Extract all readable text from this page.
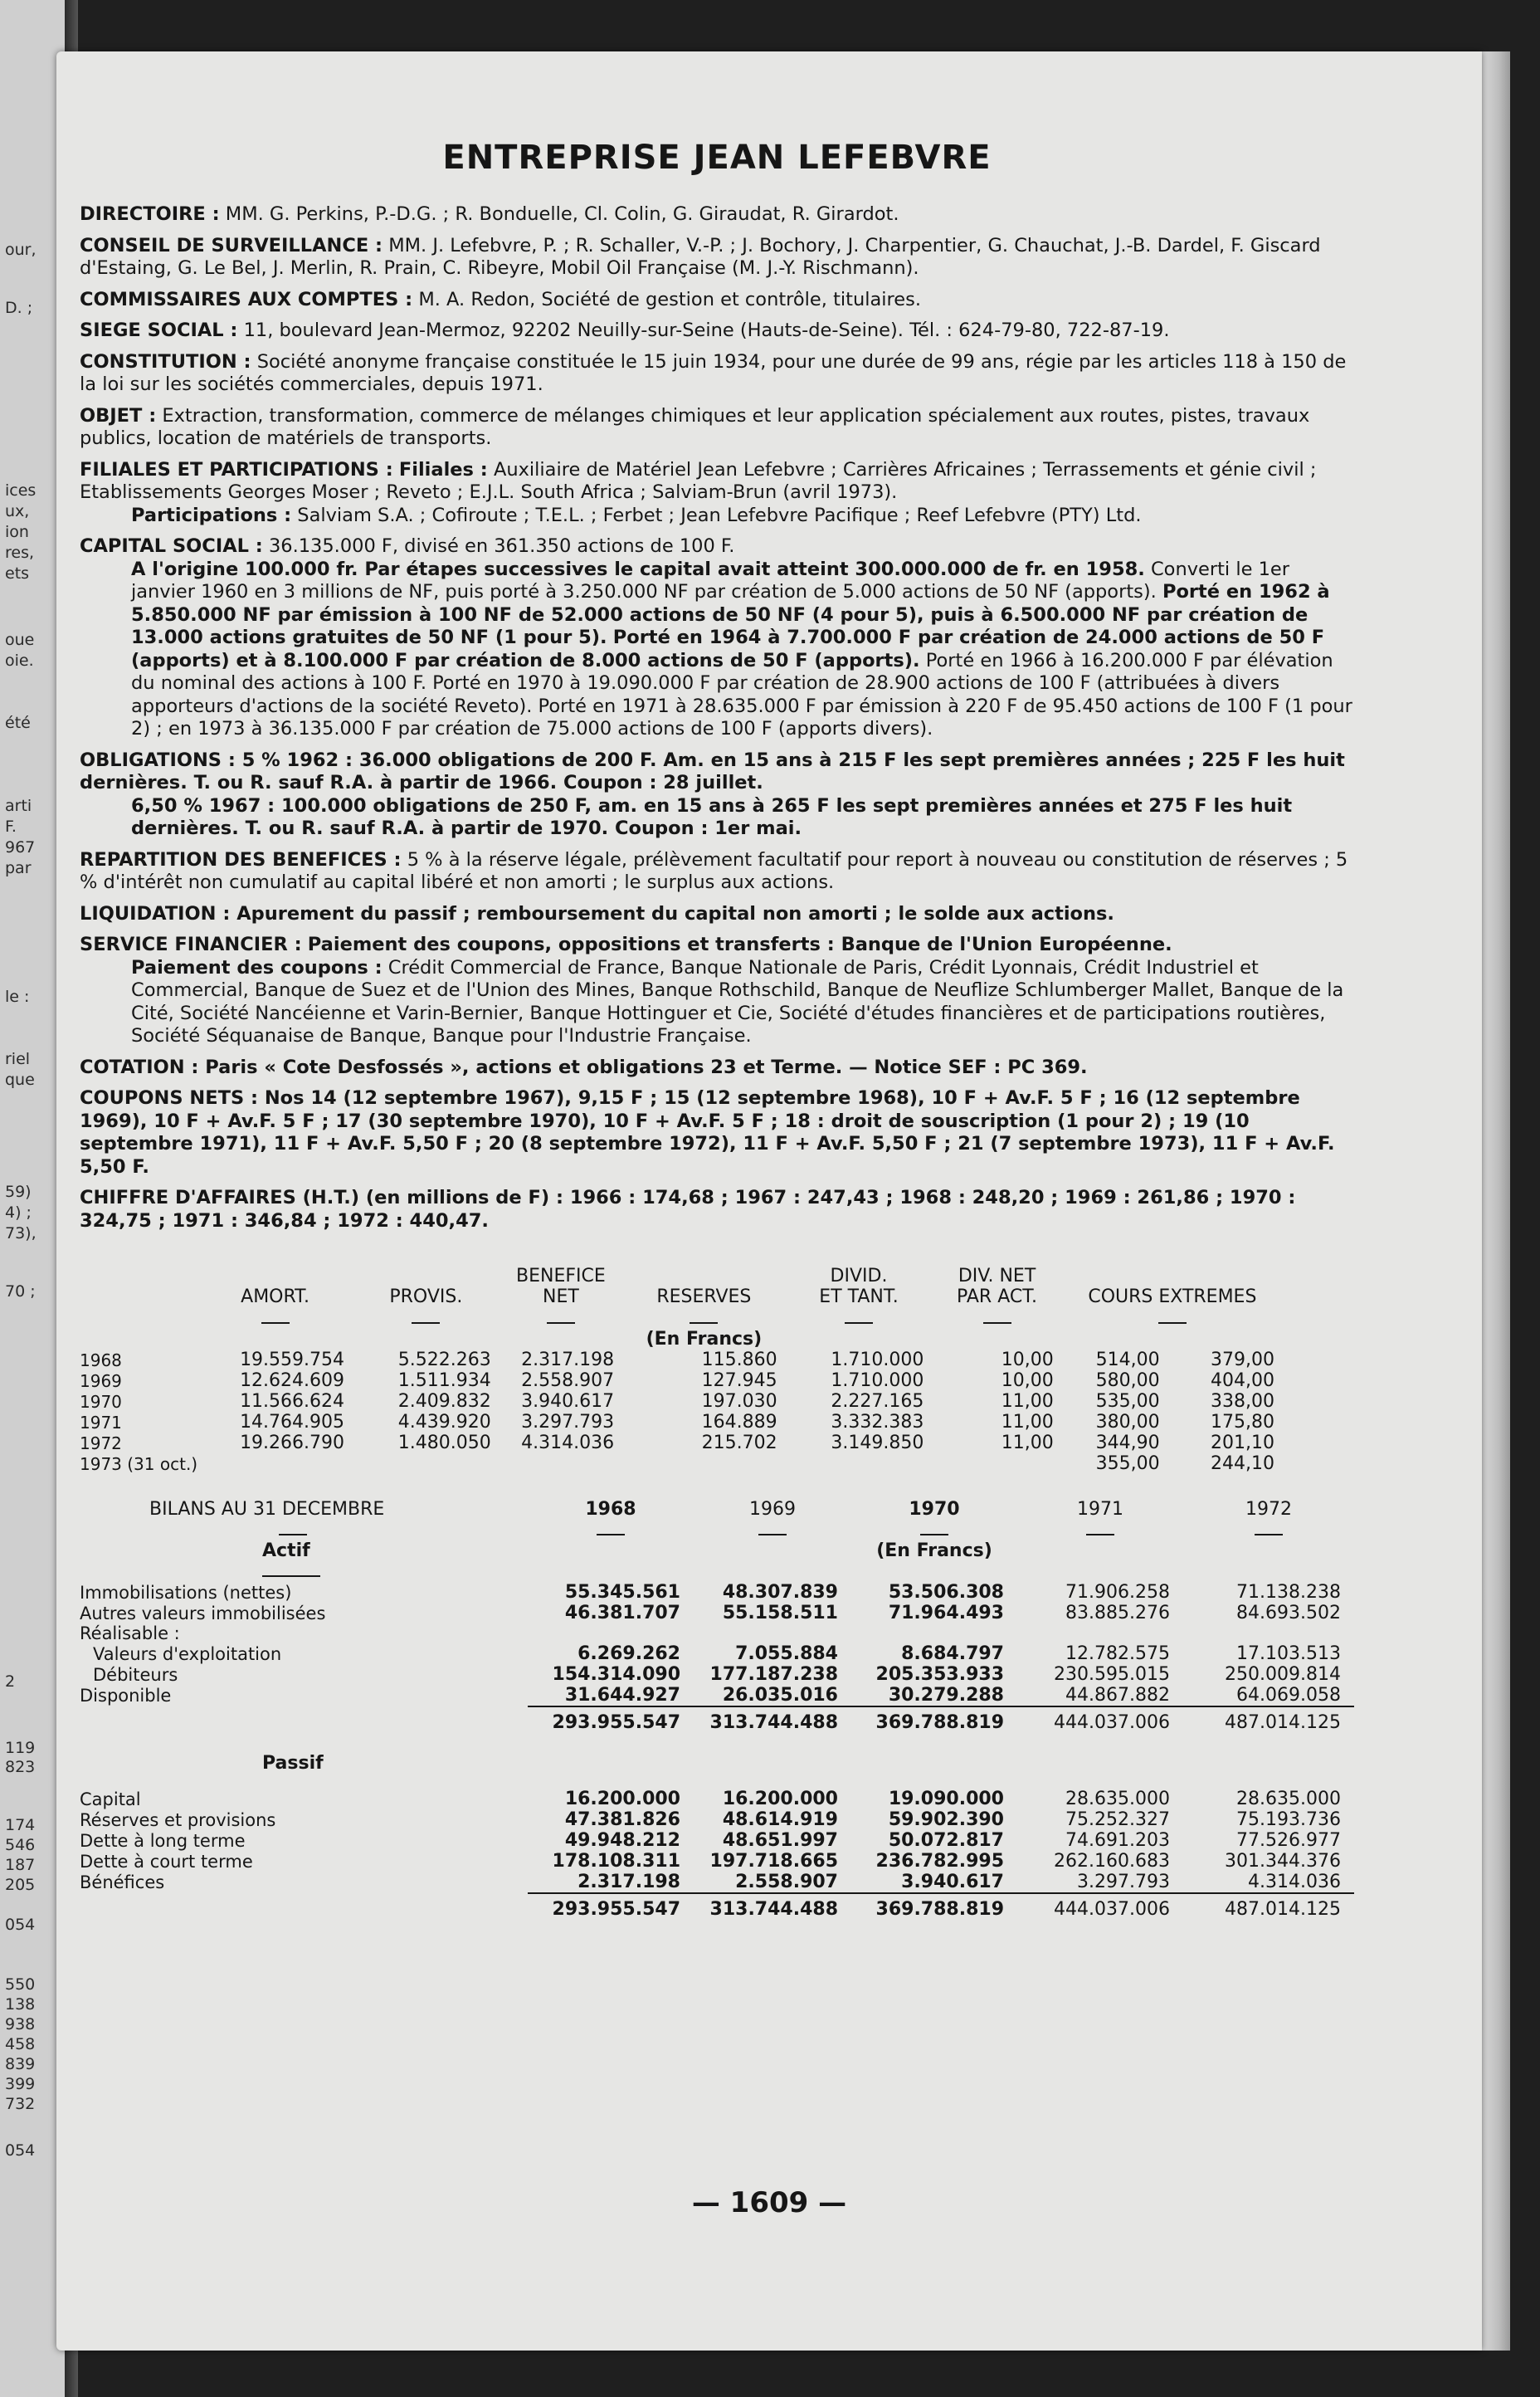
our,
D. ;
ices
ux,
ion
res,
ets
oue
oie.
été
arti
F.
967
par
le :
riel
que
59)
4) ;
73),
70 ;
2
119
823
174
546
187
205
054
550
138
938
458
839
399
732
054
ENTREPRISE JEAN LEFEBVRE

DIRECTOIRE : MM. G. Perkins, P.-D.G. ; R. Bonduelle, Cl. Colin, G. Giraudat, R. Girardot.

CONSEIL DE SURVEILLANCE : MM. J. Lefebvre, P. ; R. Schaller, V.-P. ; J. Bochory, J. Charpentier, G. Chauchat, J.-B. Dardel, F. Giscard d'Estaing, G. Le Bel, J. Merlin, R. Prain, C. Ribeyre, Mobil Oil Française (M. J.-Y. Rischmann).

COMMISSAIRES AUX COMPTES : M. A. Redon, Société de gestion et contrôle, titulaires.

SIEGE SOCIAL : 11, boulevard Jean-Mermoz, 92202 Neuilly-sur-Seine (Hauts-de-Seine). Tél. : 624-79-80, 722-87-19.

CONSTITUTION : Société anonyme française constituée le 15 juin 1934, pour une durée de 99 ans, régie par les articles 118 à 150 de la loi sur les sociétés commerciales, depuis 1971.

OBJET : Extraction, transformation, commerce de mélanges chimiques et leur application spécialement aux routes, pistes, travaux publics, location de matériels de transports.

FILIALES ET PARTICIPATIONS : Filiales : Auxiliaire de Matériel Jean Lefebvre ; Carrières Africaines ; Terrassements et génie civil ; Etablissements Georges Moser ; Reveto ; E.J.L. South Africa ; Salviam-Brun (avril 1973).
Participations : Salviam S.A. ; Cofiroute ; T.E.L. ; Ferbet ; Jean Lefebvre Pacifique ; Reef Lefebvre (PTY) Ltd.

CAPITAL SOCIAL : 36.135.000 F, divisé en 361.350 actions de 100 F.
A l'origine 100.000 fr. Par étapes successives le capital avait atteint 300.000.000 de fr. en 1958. Converti le 1er janvier 1960 en 3 millions de NF, puis porté à 3.250.000 NF par création de 5.000 actions de 50 NF (apports). Porté en 1962 à 5.850.000 NF par émission à 100 NF de 52.000 actions de 50 NF (4 pour 5), puis à 6.500.000 NF par création de 13.000 actions gratuites de 50 NF (1 pour 5). Porté en 1964 à 7.700.000 F par création de 24.000 actions de 50 F (apports) et à 8.100.000 F par création de 8.000 actions de 50 F (apports). Porté en 1966 à 16.200.000 F par élévation du nominal des actions à 100 F. Porté en 1970 à 19.090.000 F par création de 28.900 actions de 100 F (attribuées à divers apporteurs d'actions de la société Reveto). Porté en 1971 à 28.635.000 F par émission à 220 F de 95.450 actions de 100 F (1 pour 2) ; en 1973 à 36.135.000 F par création de 75.000 actions de 100 F (apports divers).

OBLIGATIONS : 5 % 1962 : 36.000 obligations de 200 F. Am. en 15 ans à 215 F les sept premières années ; 225 F les huit dernières. T. ou R. sauf R.A. à partir de 1966. Coupon : 28 juillet.
6,50 % 1967 : 100.000 obligations de 250 F, am. en 15 ans à 265 F les sept premières années et 275 F les huit dernières. T. ou R. sauf R.A. à partir de 1970. Coupon : 1er mai.

REPARTITION DES BENEFICES : 5 % à la réserve légale, prélèvement facultatif pour report à nouveau ou constitution de réserves ; 5 % d'intérêt non cumulatif au capital libéré et non amorti ; le surplus aux actions.

LIQUIDATION : Apurement du passif ; remboursement du capital non amorti ; le solde aux actions.

SERVICE FINANCIER : Paiement des coupons, oppositions et transferts : Banque de l'Union Européenne.
Paiement des coupons : Crédit Commercial de France, Banque Nationale de Paris, Crédit Lyonnais, Crédit Industriel et Commercial, Banque de Suez et de l'Union des Mines, Banque Rothschild, Banque de Neuflize Schlumberger Mallet, Banque de la Cité, Société Nancéienne et Varin-Bernier, Banque Hottinguer et Cie, Société d'études financières et de participations routières, Société Séquanaise de Banque, Banque pour l'Industrie Française.

COTATION : Paris « Cote Desfossés », actions et obligations 23 et Terme. — Notice SEF : PC 369.

COUPONS NETS : Nos 14 (12 septembre 1967), 9,15 F ; 15 (12 septembre 1968), 10 F + Av.F. 5 F ; 16 (12 septembre 1969), 10 F + Av.F. 5 F ; 17 (30 septembre 1970), 10 F + Av.F. 5 F ; 18 : droit de souscription (1 pour 2) ; 19 (10 septembre 1971), 11 F + Av.F. 5,50 F ; 20 (8 septembre 1972), 11 F + Av.F. 5,50 F ; 21 (7 septembre 1973), 11 F + Av.F. 5,50 F.

CHIFFRE D'AFFAIRES (H.T.) (en millions de F) : 1966 : 174,68 ; 1967 : 247,43 ; 1968 : 248,20 ; 1969 : 261,86 ; 1970 : 324,75 ; 1971 : 346,84 ; 1972 : 440,47.

			BENEFICE		DIVID.	DIV. NET		
	AMORT.	PROVIS.	NET	RESERVES	ET TANT.	PAR ACT.	COURS EXTREMES	

				(En Francs)				
1968	19.559.754	5.522.263	2.317.198	115.860	1.710.000	10,00	514,00	379,00
1969	12.624.609	1.511.934	2.558.907	127.945	1.710.000	10,00	580,00	404,00
1970	11.566.624	2.409.832	3.940.617	197.030	2.227.165	11,00	535,00	338,00
1971	14.764.905	4.439.920	3.297.793	164.889	3.332.383	11,00	380,00	175,80
1972	19.266.790	1.480.050	4.314.036	215.702	3.149.850	11,00	344,90	201,10
1973 (31 oct.)							355,00	244,10
BILANS AU 31 DECEMBRE	1968	1969	1970	1971	1972

Actif			(En Francs)		

Immobilisations (nettes)	55.345.561	48.307.839	53.506.308	71.906.258	71.138.238
Autres valeurs immobilisées	46.381.707	55.158.511	71.964.493	83.885.276	84.693.502
Réalisable :					
Valeurs d'exploitation	6.269.262	7.055.884	8.684.797	12.782.575	17.103.513
Débiteurs	154.314.090	177.187.238	205.353.933	230.595.015	250.009.814
Disponible	31.644.927	26.035.016	30.279.288	44.867.882	64.069.058
	293.955.547	313.744.488	369.788.819	444.037.006	487.014.125

Passif					

Capital	16.200.000	16.200.000	19.090.000	28.635.000	28.635.000
Réserves et provisions	47.381.826	48.614.919	59.902.390	75.252.327	75.193.736
Dette à long terme	49.948.212	48.651.997	50.072.817	74.691.203	77.526.977
Dette à court terme	178.108.311	197.718.665	236.782.995	262.160.683	301.344.376
Bénéfices	2.317.198	2.558.907	3.940.617	3.297.793	4.314.036
	293.955.547	313.744.488	369.788.819	444.037.006	487.014.125
— 1609 —
